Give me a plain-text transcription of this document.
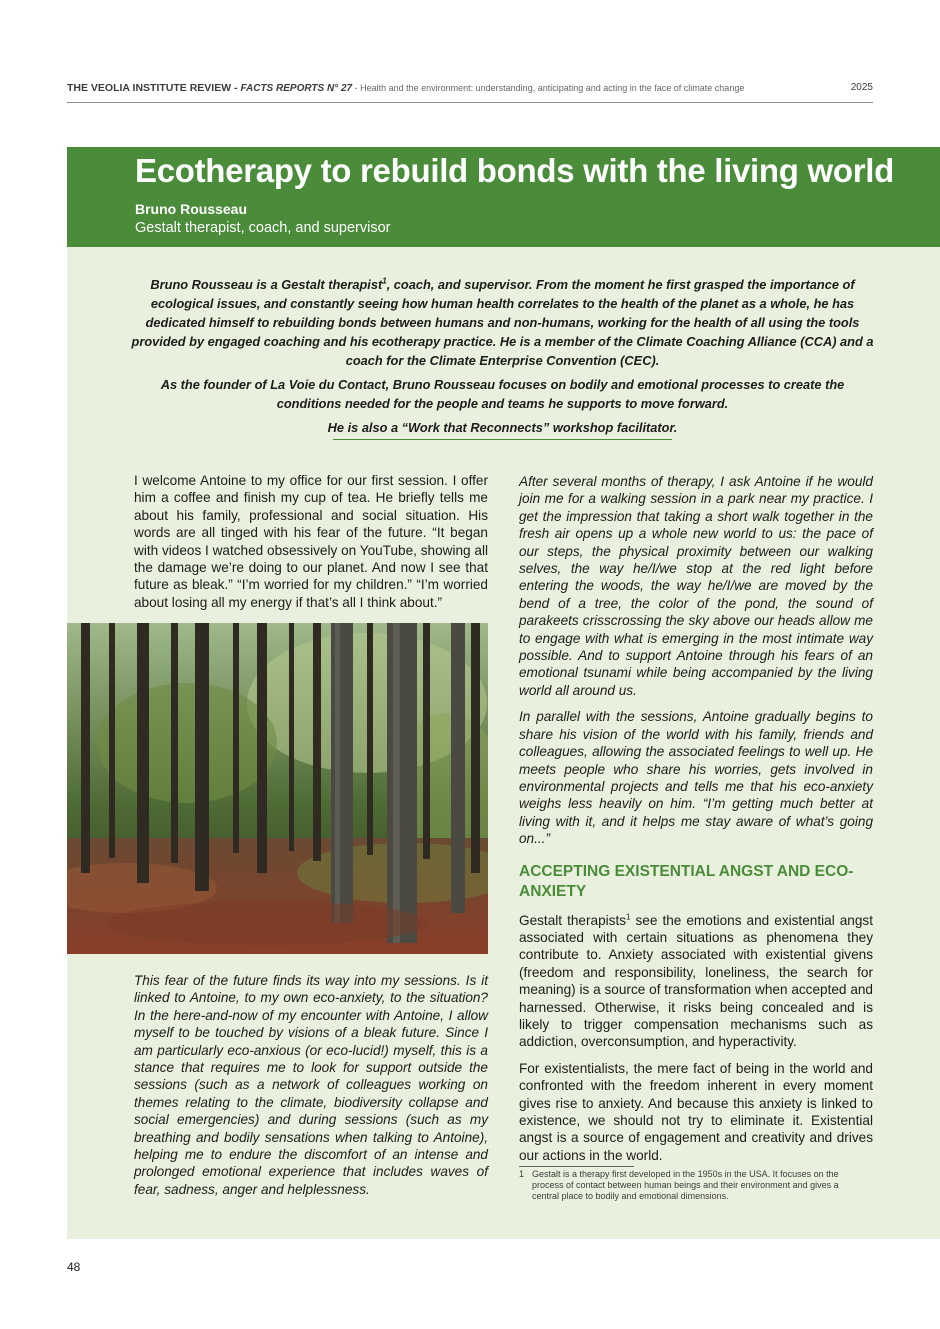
THE VEOLIA INSTITUTE REVIEW - FACTS REPORTS N° 27 - Health and the environment: understanding, anticipating and acting in the face of climate change	2025
Ecotherapy to rebuild bonds with the living world
Bruno Rousseau
Gestalt therapist, coach, and supervisor

Bruno Rousseau is a Gestalt therapist$^1$, coach, and supervisor. From the moment he first grasped the importance of ecological issues, and constantly seeing how human health correlates to the health of the planet as a whole, he has dedicated himself to rebuilding bonds between humans and non-humans, working for the health of all using the tools provided by engaged coaching and his ecotherapy practice. He is a member of the Climate Coaching Alliance (CCA) and a coach for the Climate Enterprise Convention (CEC).

As the founder of La Voie du Contact, Bruno Rousseau focuses on bodily and emotional processes to create the conditions needed for the people and teams he supports to move forward.

He is also a “Work that Reconnects” workshop facilitator.

I welcome Antoine to my office for our first session. I offer him a coffee and finish my cup of tea. He briefly tells me about his family, professional and social situation. His words are all tinged with his fear of the future. “It began with videos I watched obsessively on YouTube, showing all the damage we’re doing to our planet. And now I see that future as bleak.” “I’m worried for my children.” “I’m worried about losing all my energy if that’s all I think about.”

This fear of the future finds its way into my sessions. Is it linked to Antoine, to my own eco-anxiety, to the situation? In the here-and-now of my encounter with Antoine, I allow myself to be touched by visions of a bleak future. Since I am particularly eco-anxious (or eco-lucid!) myself, this is a stance that requires me to look for support outside the sessions (such as a network of colleagues working on themes relating to the climate, biodiversity collapse and social emergencies) and during sessions (such as my breathing and bodily sensations when talking to Antoine), helping me to endure the discomfort of an intense and prolonged emotional experience that includes waves of fear, sadness, anger and helplessness.

After several months of therapy, I ask Antoine if he would join me for a walking session in a park near my practice. I get the impression that taking a short walk together in the fresh air opens up a whole new world to us: the pace of our steps, the physical proximity between our walking selves, the way he/I/we stop at the red light before entering the woods, the way he/I/we are moved by the bend of a tree, the color of the pond, the sound of parakeets crisscrossing the sky above our heads allow me to engage with what is emerging in the most intimate way possible. And to support Antoine through his fears of an emotional tsunami while being accompanied by the living world all around us.

In parallel with the sessions, Antoine gradually begins to share his vision of the world with his family, friends and colleagues, allowing the associated feelings to well up. He meets people who share his worries, gets involved in environmental projects and tells me that his eco-anxiety weighs less heavily on him. “I’m getting much better at living with it, and it helps me stay aware of what’s going on...”

ACCEPTING EXISTENTIAL ANGST AND ECO-ANXIETY

Gestalt therapists$^1$ see the emotions and existential angst associated with certain situations as phenomena they contribute to. Anxiety associated with existential givens (freedom and responsibility, loneliness, the search for meaning) is a source of transformation when accepted and harnessed. Otherwise, it risks being concealed and is likely to trigger compensation mechanisms such as addiction, overconsumption, and hyperactivity.

For existentialists, the mere fact of being in the world and confronted with the freedom inherent in every moment gives rise to anxiety. And because this anxiety is linked to existence, we should not try to eliminate it. Existential angst is a source of engagement and creativity and drives our actions in the world.

1 Gestalt is a therapy first developed in the 1950s in the USA. It focuses on the process of contact between human beings and their environment and gives a central place to bodily and emotional dimensions.
48
